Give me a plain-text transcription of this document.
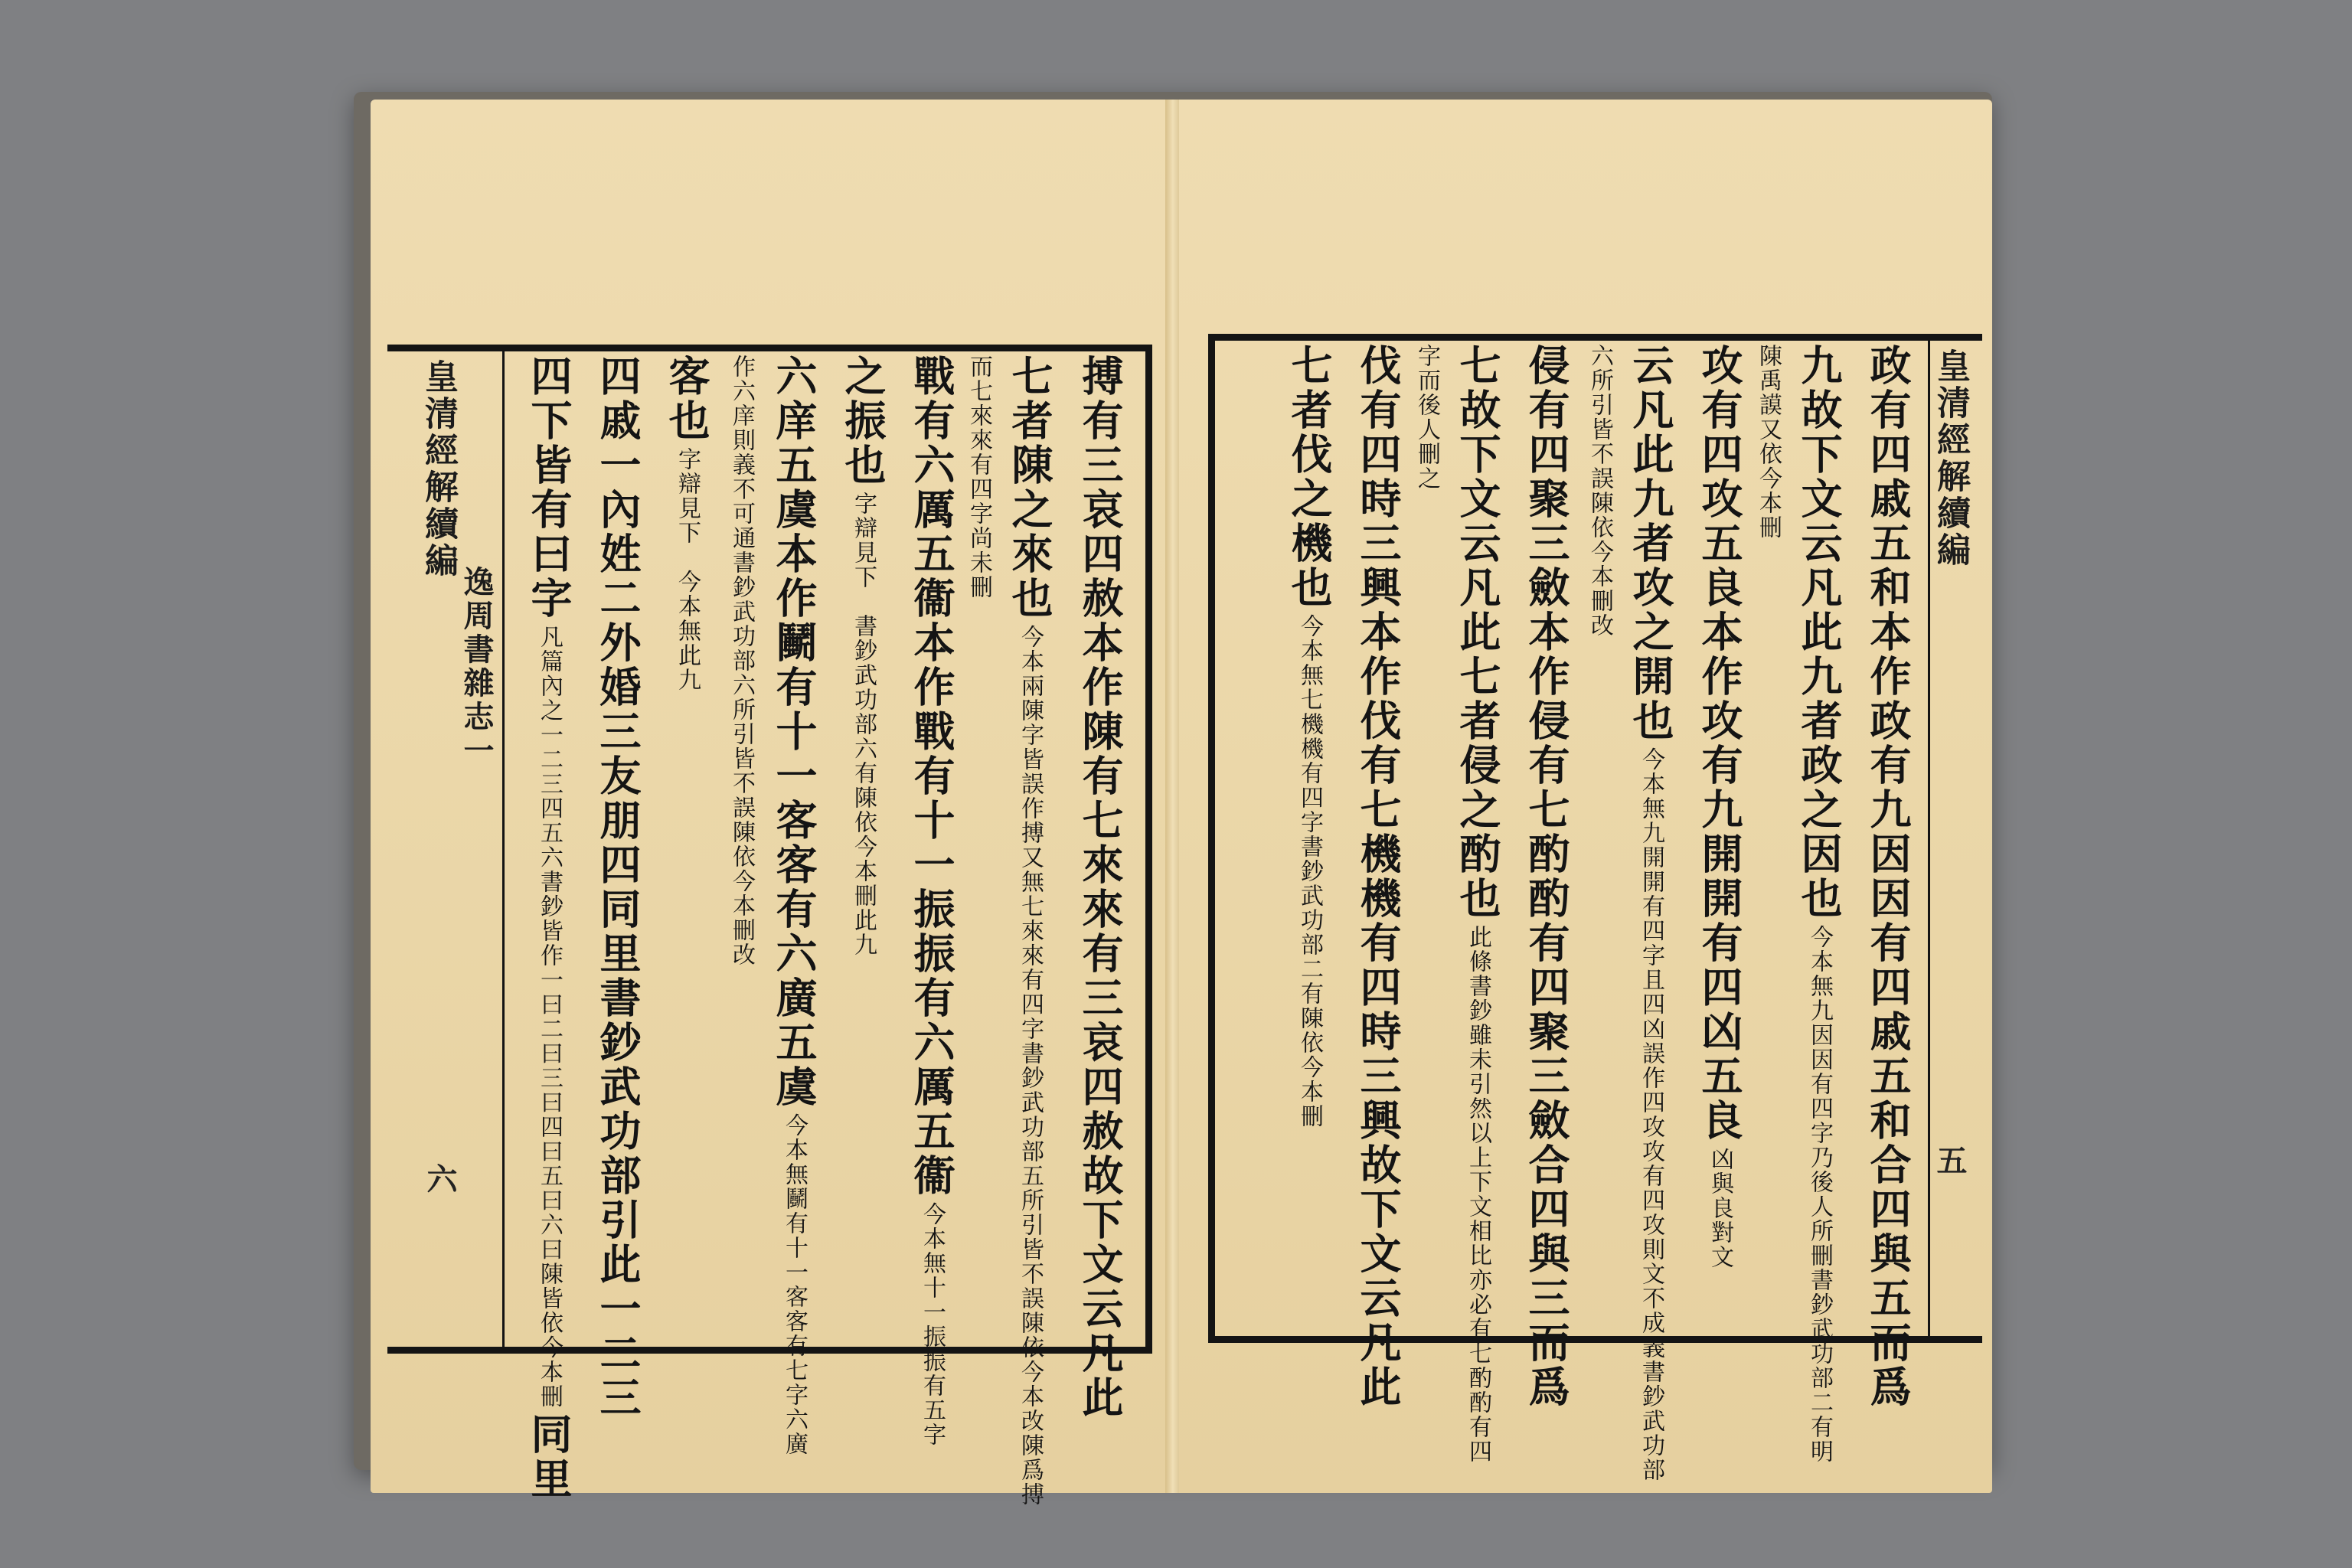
搏有三哀四赦本作陳有七來來有三哀四赦故下文云凡此
七者陳之來也 今本兩陳字皆誤作搏又無七來來有四字書鈔武功部五所引皆不誤陳依今本改陳爲搏
而七來來有四字尚未刪
戰有六厲五衞本作戰有十一振振有六厲五衞 今本無十一振振有五字
之振也 字辯見下　書鈔武功部六有陳依今本刪此九
六庠五虞本作鬭有十一客客有六廣五虞 今本無鬭有十一客客有七字六廣
作六庠則義不可通書鈔武功部六所引皆不誤陳依今本刪改
客也 字辯見下　今本無此九
四戚一內姓二外婚三友朋四同里書鈔武功部引此一二三
四下皆有曰字 凡篇內之一二三四五六書鈔皆作一曰二曰三曰四曰五曰六曰陳皆依今本刪 同里
皇清經解續編
逸周書雜志一
六	政有四戚五和本作政有九因因有四戚五和合四與五而爲
九故下文云凡此九者政之因也 今本無九因因有四字乃後人所刪書鈔武功部二有明
陳禹謨又依今本刪
攻有四攻五良本作攻有九開開有四凶五良 凶與良對文
云凡此九者攻之開也 今本無九開開有四字且四凶誤作四攻攻有四攻則文不成義書鈔武功部
六所引皆不誤陳依今本刪改
侵有四聚三斂本作侵有七酌酌有四聚三斂合四與三而爲
七故下文云凡此七者侵之酌也 此條書鈔雖未引然以上下文相比亦必有七酌酌有四
字而後人刪之
伐有四時三興本作伐有七機機有四時三興故下文云凡此
七者伐之機也 今本無七機機有四字書鈔武功部二有陳依今本刪
皇清經解續編
五
